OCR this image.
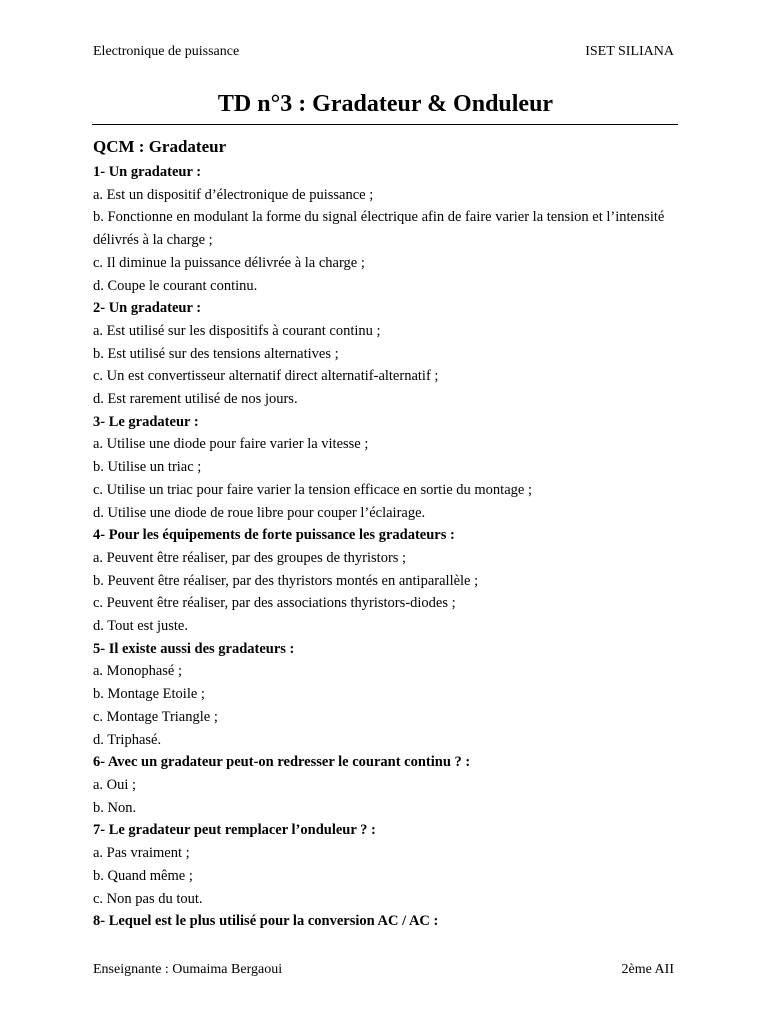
Electronique de puissance	ISET SILIANA
TD n°3 : Gradateur & Onduleur
QCM : Gradateur

1- Un gradateur :

a. Est un dispositif d’électronique de puissance ;

b. Fonctionne en modulant la forme du signal électrique afin de faire varier la tension et l’intensité délivrés à la charge ;

c. Il diminue la puissance délivrée à la charge ;

d. Coupe le courant continu.

2- Un gradateur :

a. Est utilisé sur les dispositifs à courant continu ;

b. Est utilisé sur des tensions alternatives ;

c. Un est convertisseur alternatif direct alternatif-alternatif ;

d. Est rarement utilisé de nos jours.

3- Le gradateur :

a. Utilise une diode pour faire varier la vitesse ;

b. Utilise un triac ;

c. Utilise un triac pour faire varier la tension efficace en sortie du montage ;

d. Utilise une diode de roue libre pour couper l’éclairage.

4- Pour les équipements de forte puissance les gradateurs :

a. Peuvent être réaliser, par des groupes de thyristors ;

b. Peuvent être réaliser, par des thyristors montés en antiparallèle ;

c. Peuvent être réaliser, par des associations thyristors-diodes ;

d. Tout est juste.

5- Il existe aussi des gradateurs :

a. Monophasé ;

b. Montage Etoile ;

c. Montage Triangle ;

d. Triphasé.

6- Avec un gradateur peut-on redresser le courant continu ? :

a. Oui ;

b. Non.

7- Le gradateur peut remplacer l’onduleur ? :

a. Pas vraiment ;

b. Quand même ;

c. Non pas du tout.

8- Lequel est le plus utilisé pour la conversion AC / AC :

Enseignante : Oumaima Bergaoui	2ème AII
